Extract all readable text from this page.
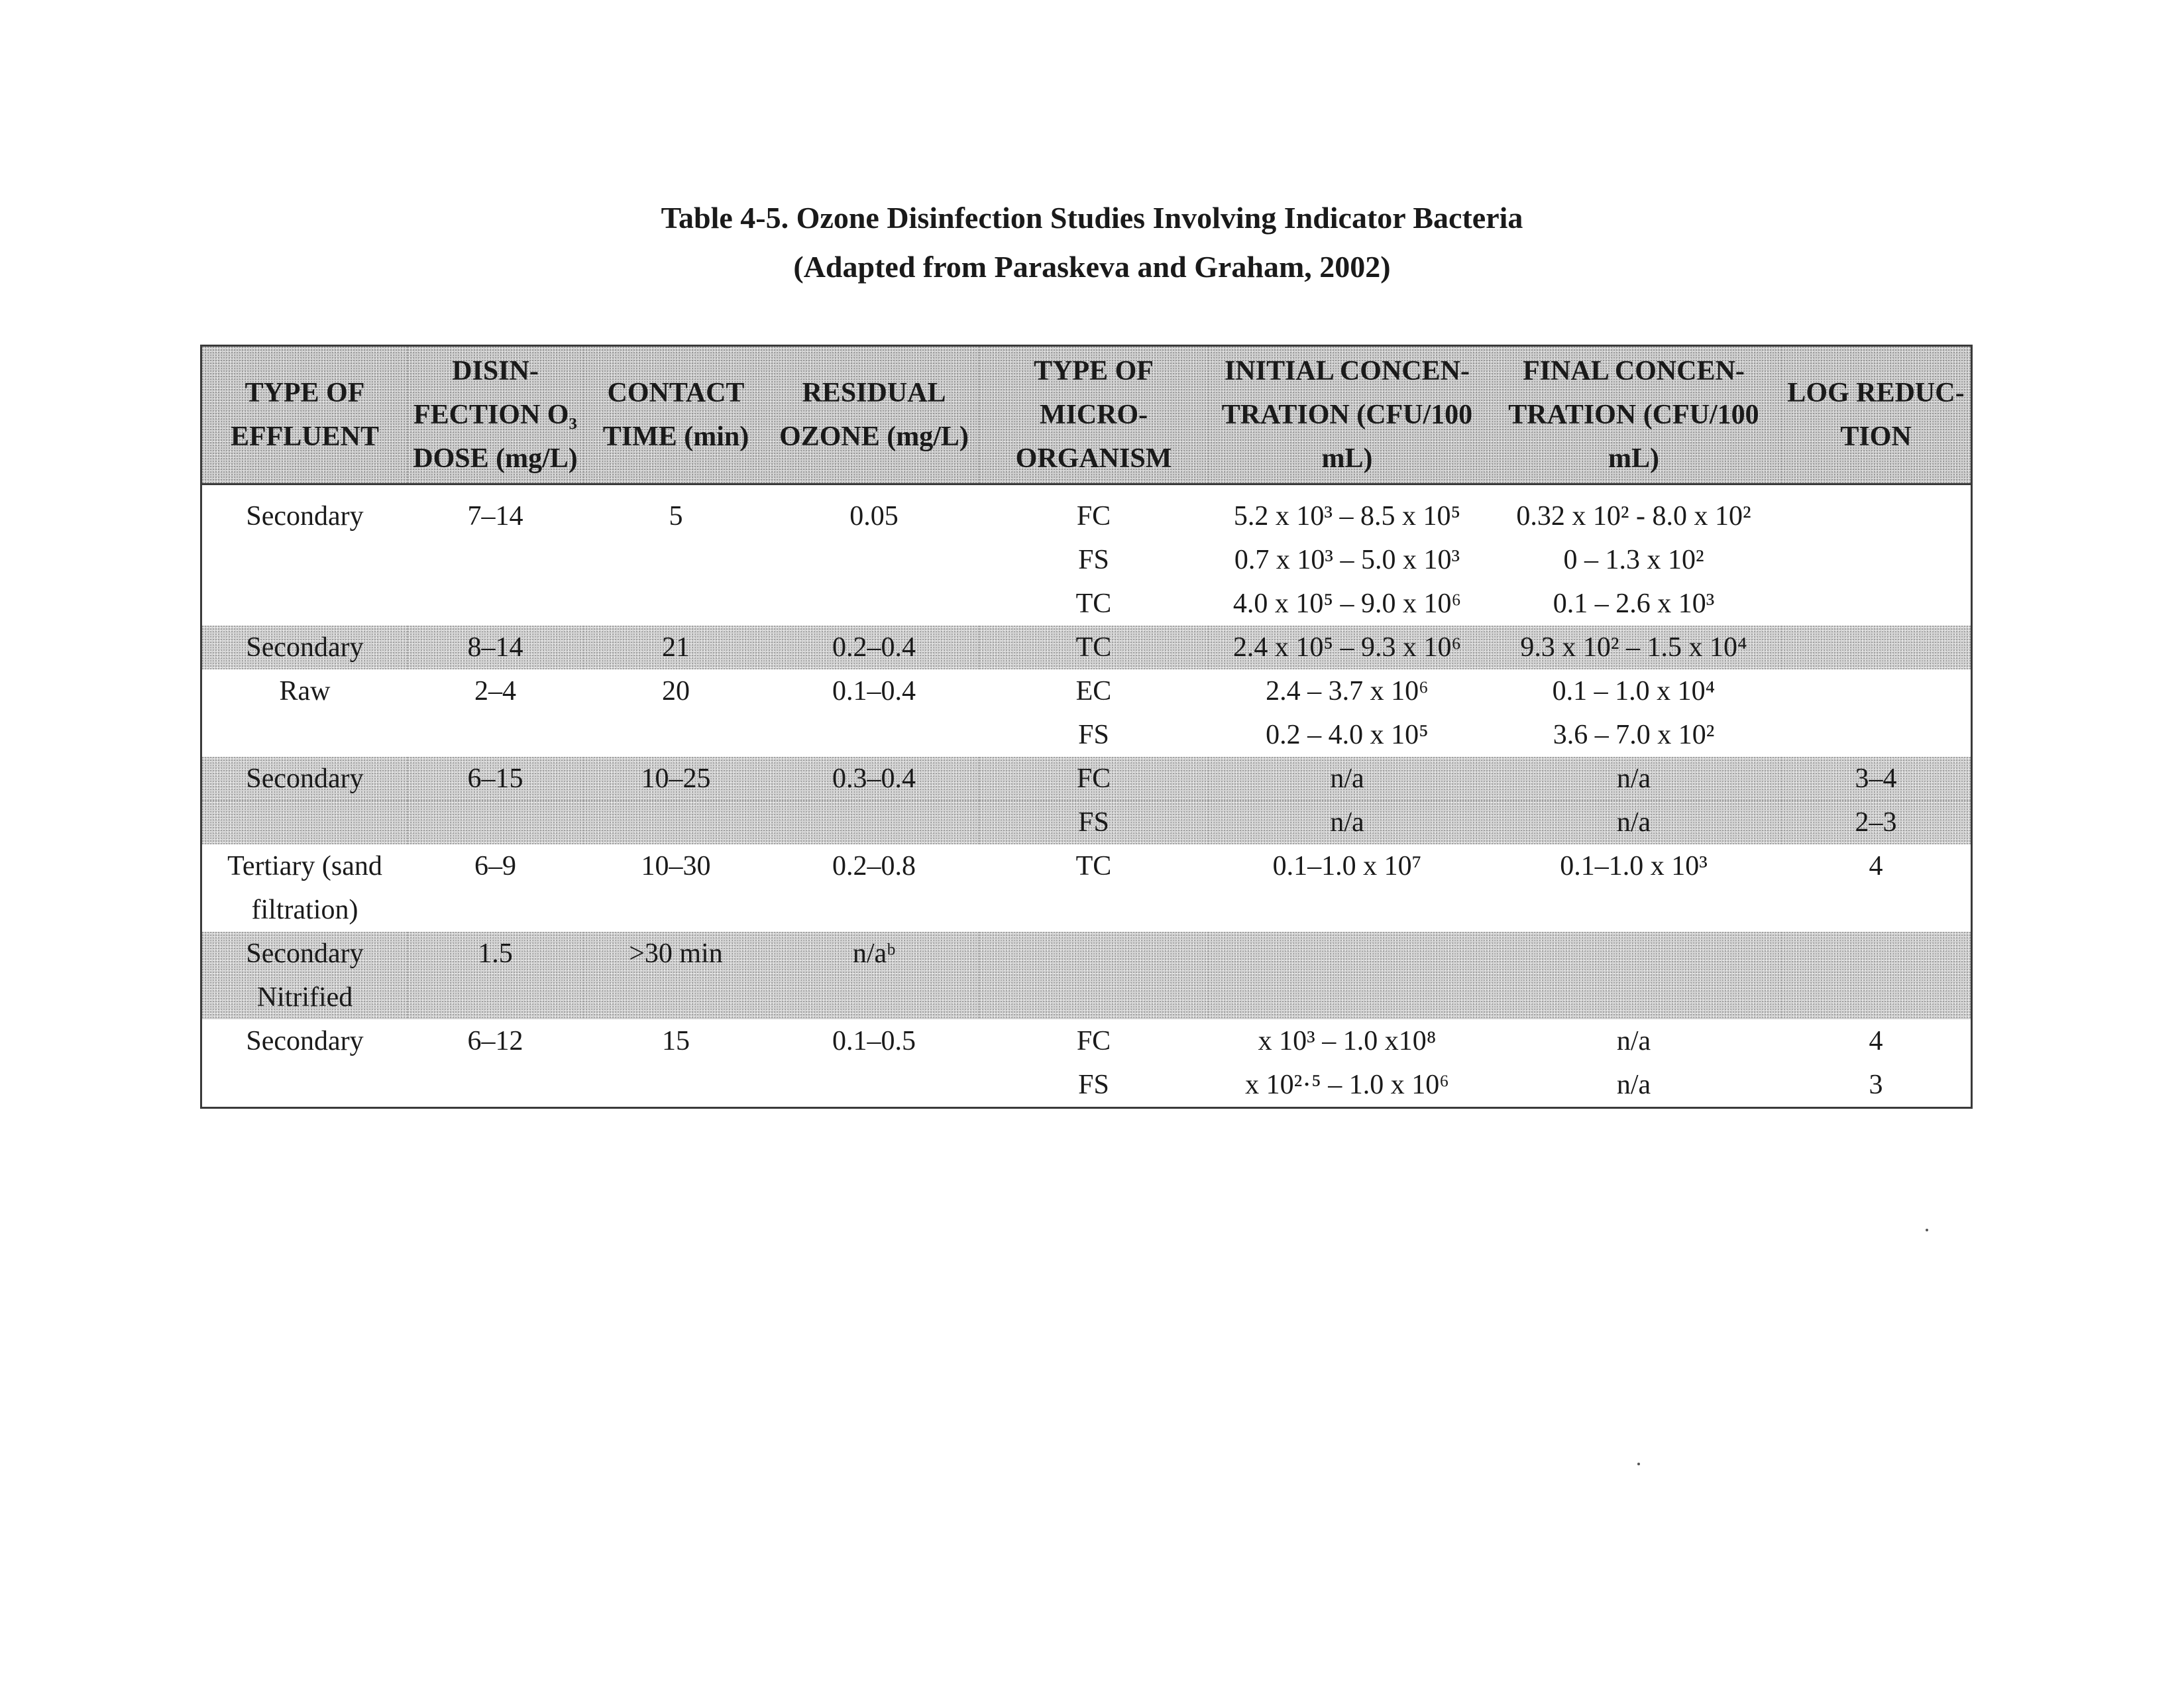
Table 4-5. Ozone Disinfection Studies Involving Indicator Bacteria
(Adapted from Paraskeva and Graham, 2002)
TYPE OF EFFLUENT	DISIN-FECTION O₃ DOSE (mg/L)	CONTACT TIME (min)	RESIDUAL OZONE (mg/L)	TYPE OF MICRO-ORGANISM	INITIAL CONCEN-TRATION (CFU/100 mL)	FINAL CONCEN-TRATION (CFU/100 mL)	LOG REDUC-TION
Secondary	7–14	5	0.05	FC	5.2 x 10³ – 8.5 x 10⁵	0.32 x 10² - 8.0 x 10²	
				FS	0.7 x 10³ – 5.0 x 10³	0 – 1.3 x 10²	
				TC	4.0 x 10⁵ – 9.0 x 10⁶	0.1 – 2.6 x 10³	
Secondary	8–14	21	0.2–0.4	TC	2.4 x 10⁵ – 9.3 x 10⁶	9.3 x 10² – 1.5 x 10⁴	
Raw	2–4	20	0.1–0.4	EC	2.4 – 3.7 x 10⁶	0.1 – 1.0 x 10⁴	
				FS	0.2 – 4.0 x 10⁵	3.6 – 7.0 x 10²	
Secondary	6–15	10–25	0.3–0.4	FC	n/a	n/a	3–4
				FS	n/a	n/a	2–3
Tertiary (sand filtration)	6–9	10–30	0.2–0.8	TC	0.1–1.0 x 10⁷	0.1–1.0 x 10³	4
Secondary Nitrified	1.5	>30 min	n/aᵇ				
Secondary	6–12	15	0.1–0.5	FC	x 10³ – 1.0 x10⁸	n/a	4
				FS	x 10²·⁵ – 1.0 x 10⁶	n/a	3
